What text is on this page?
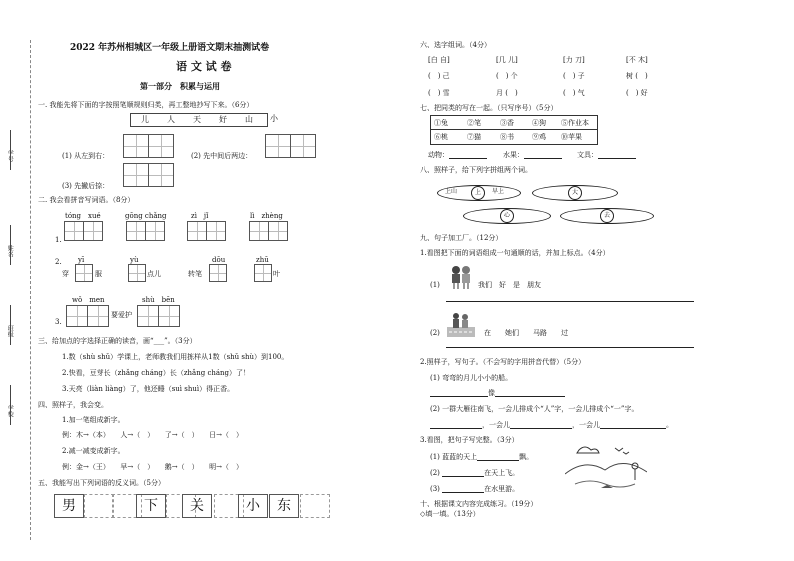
2022 年苏州相城区一年级上册语文期末抽测试卷
语 文 试 卷
第一部分　积累与运用
一. 我能先将下面的字按照笔顺规则归类，再工整地抄写下来。（6分）
儿 人 天 好 山 小
(1) 从左到右：	(2) 先中间后两边：
(3) 先撇后捺：
二. 我会看拼音写词语。（8分）
tóng　xué	gōng chǎng	zì　jǐ	lì　zhèng
1.
yī	yù	dōu	zhū
2.
穿	服	点儿	转笔	叶
wǒ　men	shù　bēn
3.
要爱护
三、给加点的字选择正确的读音，画“___”。（3分）
1.数（shù shǔ）学课上，老师教我们用拣样从1数（shǔ shù）到100。
2.快看，豆芽长（zhǎng cháng）长（zhǎng cháng）了！
3.天亮（liàn liàng）了，他还睡（suì shuì）得正香。
四、照样子，我会变。
1.加一笔组成新字。
例：木→（本）　　人→（　）　　了→（　）　　日→（　）
2.减一减变成新字。
例：金→（王）　　早→（　）　　鹅→（　）　　明→（　）
五、我能写出下列词语的反义词。（5分）
男	下	关	小	东
六、选字组词。（4分）
[白 自]	[几 儿]	[力 刀]	[不 木]
(　) 己	(　) 个	(　) 子	树 (　)
(　) 雪	月 (　)	(　) 气	(　) 好
七、把同类的写在一起。（只写序号）（5分）
①兔	②笔	③香	④狗 ⑤作业本
⑥桃	⑦猫	⑧书	⑨鸡 ⑩苹果
动物：	水果：	文具：
八、照样子，给下列字拼组两个词。
上山	上	早上	大
心	去
九、句子加工厂。（12分）
1.看图把下面的词语组成一句通顺的话，并加上标点。（4分）
(1)	我们　好　是　朋友
(2)	在　　她们　　马路　　过
2.照样子，写句子。（不会写的字用拼音代替）（5分）
(1) 弯弯的月儿小小的船。
像
(2) 一群大雁往南飞，一会儿排成个“人”字，一会儿排成个“一”字。
，一会儿	，一会儿	。
3.看图，把句子写完整。（3分）
(1) 蓝蓝的天上	飘。
(2)	在天上飞。
(3)	在水里游。
十、根据课文内容完成练习。（19分）
◇填一填。（13分）
